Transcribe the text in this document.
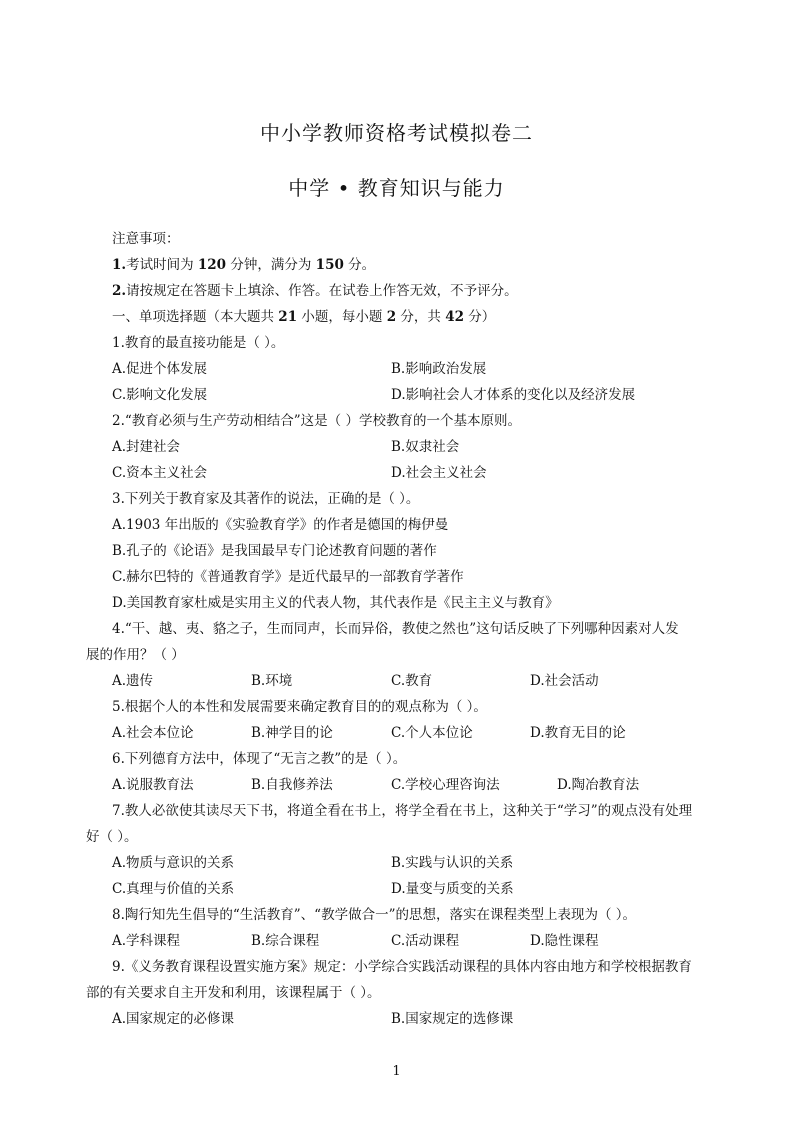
中小学教师资格考试模拟卷二
中学 • 教育知识与能力
注意事项：
1.考试时间为 120 分钟，满分为 150 分。
2.请按规定在答题卡上填涂、作答。在试卷上作答无效，不予评分。
一、单项选择题（本大题共 21 小题，每小题 2 分，共 42 分）
1.教育的最直接功能是（ ）。
A.促进个体发展	B.影响政治发展
C.影响文化发展	D.影响社会人才体系的变化以及经济发展
2.“教育必须与生产劳动相结合”这是（ ）学校教育的一个基本原则。
A.封建社会	B.奴隶社会
C.资本主义社会	D.社会主义社会
3.下列关于教育家及其著作的说法，正确的是（ ）。
A.1903 年出版的《实验教育学》的作者是德国的梅伊曼
B.孔子的《论语》是我国最早专门论述教育问题的著作
C.赫尔巴特的《普通教育学》是近代最早的一部教育学著作
D.美国教育家杜威是实用主义的代表人物，其代表作是《民主主义与教育》
4.“干、越、夷、貉之子，生而同声，长而异俗，教使之然也”这句话反映了下列哪种因素对人发
展的作用？（ ）
A.遗传	B.环境	C.教育	D.社会活动
5.根据个人的本性和发展需要来确定教育目的的观点称为（ ）。
A.社会本位论	B.神学目的论	C.个人本位论	D.教育无目的论
6.下列德育方法中，体现了“无言之教”的是（ ）。
A.说服教育法	B.自我修养法	C.学校心理咨询法	D.陶冶教育法
7.教人必欲使其读尽天下书，将道全看在书上，将学全看在书上，这种关于“学习”的观点没有处理
好（ ）。
A.物质与意识的关系	B.实践与认识的关系
C.真理与价值的关系	D.量变与质变的关系
8.陶行知先生倡导的“生活教育”、“教学做合一”的思想，落实在课程类型上表现为（ ）。
A.学科课程	B.综合课程	C.活动课程	D.隐性课程
9.《义务教育课程设置实施方案》规定：小学综合实践活动课程的具体内容由地方和学校根据教育
部的有关要求自主开发和利用，该课程属于（ ）。
A.国家规定的必修课	B.国家规定的选修课
1
